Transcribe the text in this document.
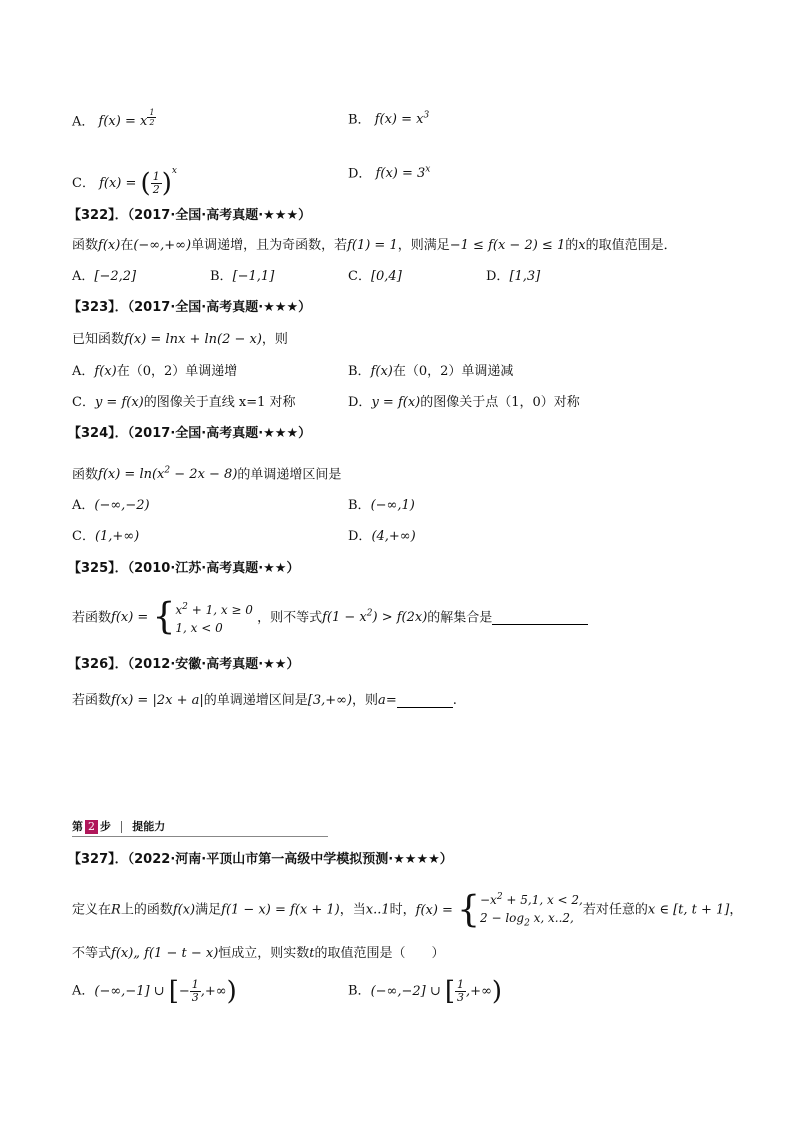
A． f(x) = x $^{\frac{1}{2}}$	B． $f(x) = x^3$
C． f(x) = ( $\frac{1}{2} )^x$	D． $f(x) = 3^x$
【322】．（2017·全国·高考真题·★★★）
函数f(x)在(−∞,+∞)单调递增，且为奇函数，若f(1) = 1，则满足−1 ≤ f(x − 2) ≤ 1的x的取值范围是．
A．[−2,2]	B．[−1,1]	C．[0,4]	D．[1,3]
【323】．（2017·全国·高考真题·★★★）
已知函数f(x) = lnx + ln(2 − x)，则
A．f(x)在（0，2）单调递增	B．f(x)在（0，2）单调递减
C．y = f(x)的图像关于直线 x=1 对称	D．y = f(x)的图像关于点（1，0）对称
【324】．（2017·全国·高考真题·★★★）
函数$f(x) = \ln(x^2 - 2x - 8)$的单调递增区间是
A．(−∞,−2)	B．(−∞,1)
C．(1,+∞)	D．(4,+∞)
【325】．（2010·江苏·高考真题·★★）
若函数f(x) = { $x^2 + 1$, x ≥ 0
1, x < 0
，则不等式$f(1 - x^2) > f(2x)$的解集合是
【326】．（2012·安徽·高考真题·★★）
若函数f(x) = |2x + a|的单调递增区间是[3,+∞)，则a=	.
第 2 步 提能力
【327】．（2022·河南·平顶山市第一高级中学模拟预测·★★★★）
定义在R上的函数f(x)满足f(1 − x) = f(x + 1)，当x..1时，f(x) = { $-x^2 + 5,1$, x < 2,
$2 - \log_2 x$, x..2,
若对任意的x ∈ [t, t + 1]，
不等式f(x)„ f(1 − t − x)恒成立，则实数t的取值范围是（　　）
A．(−∞,−1] ∪ [− $\frac{1}{3}$ ,+∞)	B．(−∞,−2] ∪ [ $\frac{1}{3}$ ,+∞)
